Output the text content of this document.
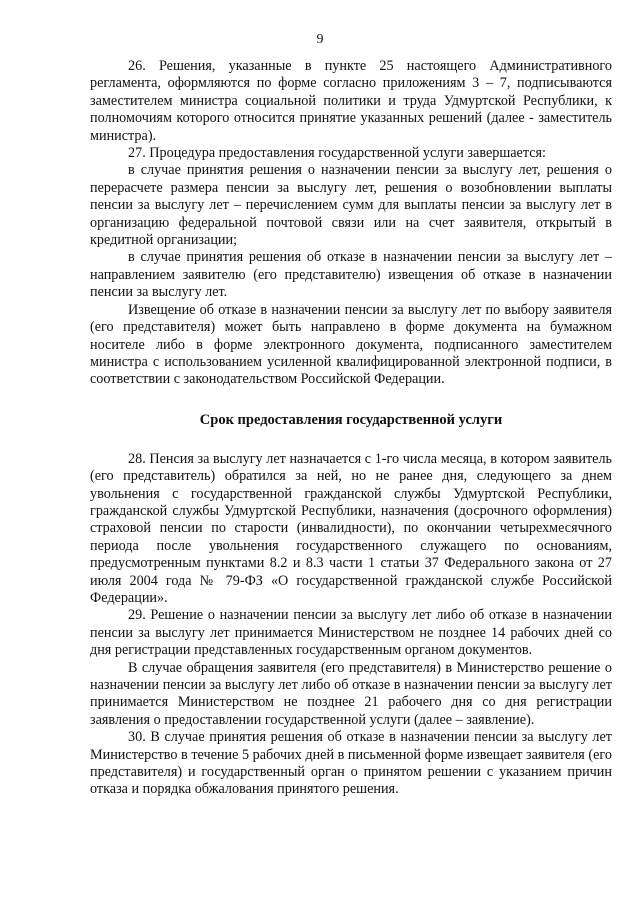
9

26. Решения, указанные в пункте 25 настоящего Административного регламента, оформляются по форме согласно приложениям 3 – 7, подписываются заместителем министра социальной политики и труда Удмуртской Республики, к полномочиям которого относится принятие указанных решений (далее - заместитель министра).

27. Процедура предоставления государственной услуги завершается:

в случае принятия решения о назначении пенсии за выслугу лет, решения о перерасчете размера пенсии за выслугу лет, решения о возобновлении выплаты пенсии за выслугу лет – перечислением сумм для выплаты пенсии за выслугу лет в организацию федеральной почтовой связи или на счет заявителя, открытый в кредитной организации;

в случае принятия решения об отказе в назначении пенсии за выслугу лет – направлением заявителю (его представителю) извещения об отказе в назначении пенсии за выслугу лет.

Извещение об отказе в назначении пенсии за выслугу лет по выбору заявителя (его представителя) может быть направлено в форме документа на бумажном носителе либо в форме электронного документа, подписанного заместителем министра с использованием усиленной квалифицированной электронной подписи, в соответствии с законодательством Российской Федерации.

Срок предоставления государственной услуги

28. Пенсия за выслугу лет назначается с 1-го числа месяца, в котором заявитель (его представитель) обратился за ней, но не ранее дня, следующего за днем увольнения с государственной гражданской службы Удмуртской Республики, гражданской службы Удмуртской Республики, назначения (досрочного оформления) страховой пенсии по старости (инвалидности), по окончании четырехмесячного периода после увольнения государственного служащего по основаниям, предусмотренным пунктами 8.2 и 8.3 части 1 статьи 37 Федерального закона от 27 июля 2004 года № 79-ФЗ «О государственной гражданской службе Российской Федерации».

29. Решение о назначении пенсии за выслугу лет либо об отказе в назначении пенсии за выслугу лет принимается Министерством не позднее 14 рабочих дней со дня регистрации представленных государственным органом документов.

В случае обращения заявителя (его представителя) в Министерство решение о назначении пенсии за выслугу лет либо об отказе в назначении пенсии за выслугу лет принимается Министерством не позднее 21 рабочего дня со дня регистрации заявления о предоставлении государственной услуги (далее – заявление).

30. В случае принятия решения об отказе в назначении пенсии за выслугу лет Министерство в течение 5 рабочих дней в письменной форме извещает заявителя (его представителя) и государственный орган о принятом решении с указанием причин отказа и порядка обжалования принятого решения.
